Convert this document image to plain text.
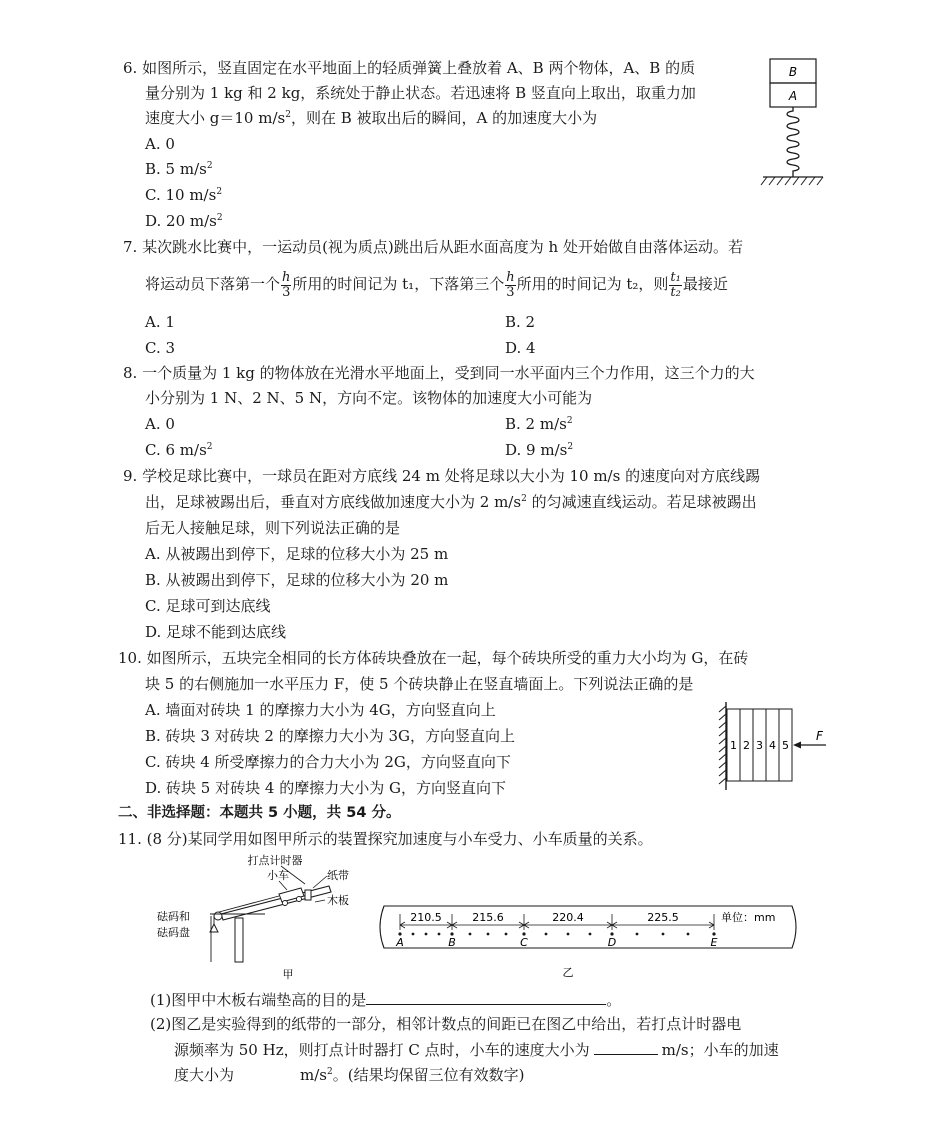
6. 如图所示，竖直固定在水平地面上的轻质弹簧上叠放着 A、B 两个物体，A、B 的质
量分别为 1 kg 和 2 kg，系统处于静止状态。若迅速将 B 竖直向上取出，取重力加
速度大小 g＝10 $m/s^2$，则在 B 被取出后的瞬间，A 的加速度大小为
A. 0
B. 5 $m/s^2$
C. 10 $m/s^2$
D. 20 $m/s^2$
B
A
7. 某次跳水比赛中，一运动员(视为质点)跳出后从距水面高度为 h 处开始做自由落体运动。若
将运动员下落第一个 $\frac{h}{3}$ 所用的时间记为 t₁，下落第三个 $\frac{h}{3}$ 所用的时间记为 t₂，则 $\frac{\text{t₁}}{\text{t₂}}$ 最接近
A. 1	B. 2
C. 3	D. 4
8. 一个质量为 1 kg 的物体放在光滑水平地面上，受到同一水平面内三个力作用，这三个力的大
小分别为 1 N、2 N、5 N，方向不定。该物体的加速度大小可能为
A. 0	B. 2 $m/s^2$
C. 6 $m/s^2$	D. 9 $m/s^2$
9. 学校足球比赛中，一球员在距对方底线 24 m 处将足球以大小为 10 m/s 的速度向对方底线踢
出，足球被踢出后，垂直对方底线做加速度大小为 2 $m/s^2$ 的匀减速直线运动。若足球被踢出
后无人接触足球，则下列说法正确的是
A. 从被踢出到停下，足球的位移大小为 25 m
B. 从被踢出到停下，足球的位移大小为 20 m
C. 足球可到达底线
D. 足球不能到达底线
10. 如图所示，五块完全相同的长方体砖块叠放在一起，每个砖块所受的重力大小均为 G，在砖
块 5 的右侧施加一水平压力 F，使 5 个砖块静止在竖直墙面上。下列说法正确的是
A. 墙面对砖块 1 的摩擦力大小为 4G，方向竖直向上
B. 砖块 3 对砖块 2 的摩擦力大小为 3G，方向竖直向上
C. 砖块 4 所受摩擦力的合力大小为 2G，方向竖直向下
D. 砖块 5 对砖块 4 的摩擦力大小为 G，方向竖直向下
1 2 3 4 5
F
二、非选择题：本题共 5 小题，共 54 分。
11. (8 分)某同学用如图甲所示的装置探究加速度与小车受力、小车质量的关系。
打点计时器
小车	纸带
木板
砝码和
砝码盘
甲
210.5	215.6	220.4	225.5	单位：mm
A	B	C	D	E
乙
(1)图甲中木板右端垫高的目的是	。
(2)图乙是实验得到的纸带的一部分，相邻计数点的间距已在图乙中给出，若打点计时器电
源频率为 50 Hz，则打点计时器打 C 点时，小车的速度大小为	m/s；小车的加速
度大小为	$m/s^2$。(结果均保留三位有效数字)
